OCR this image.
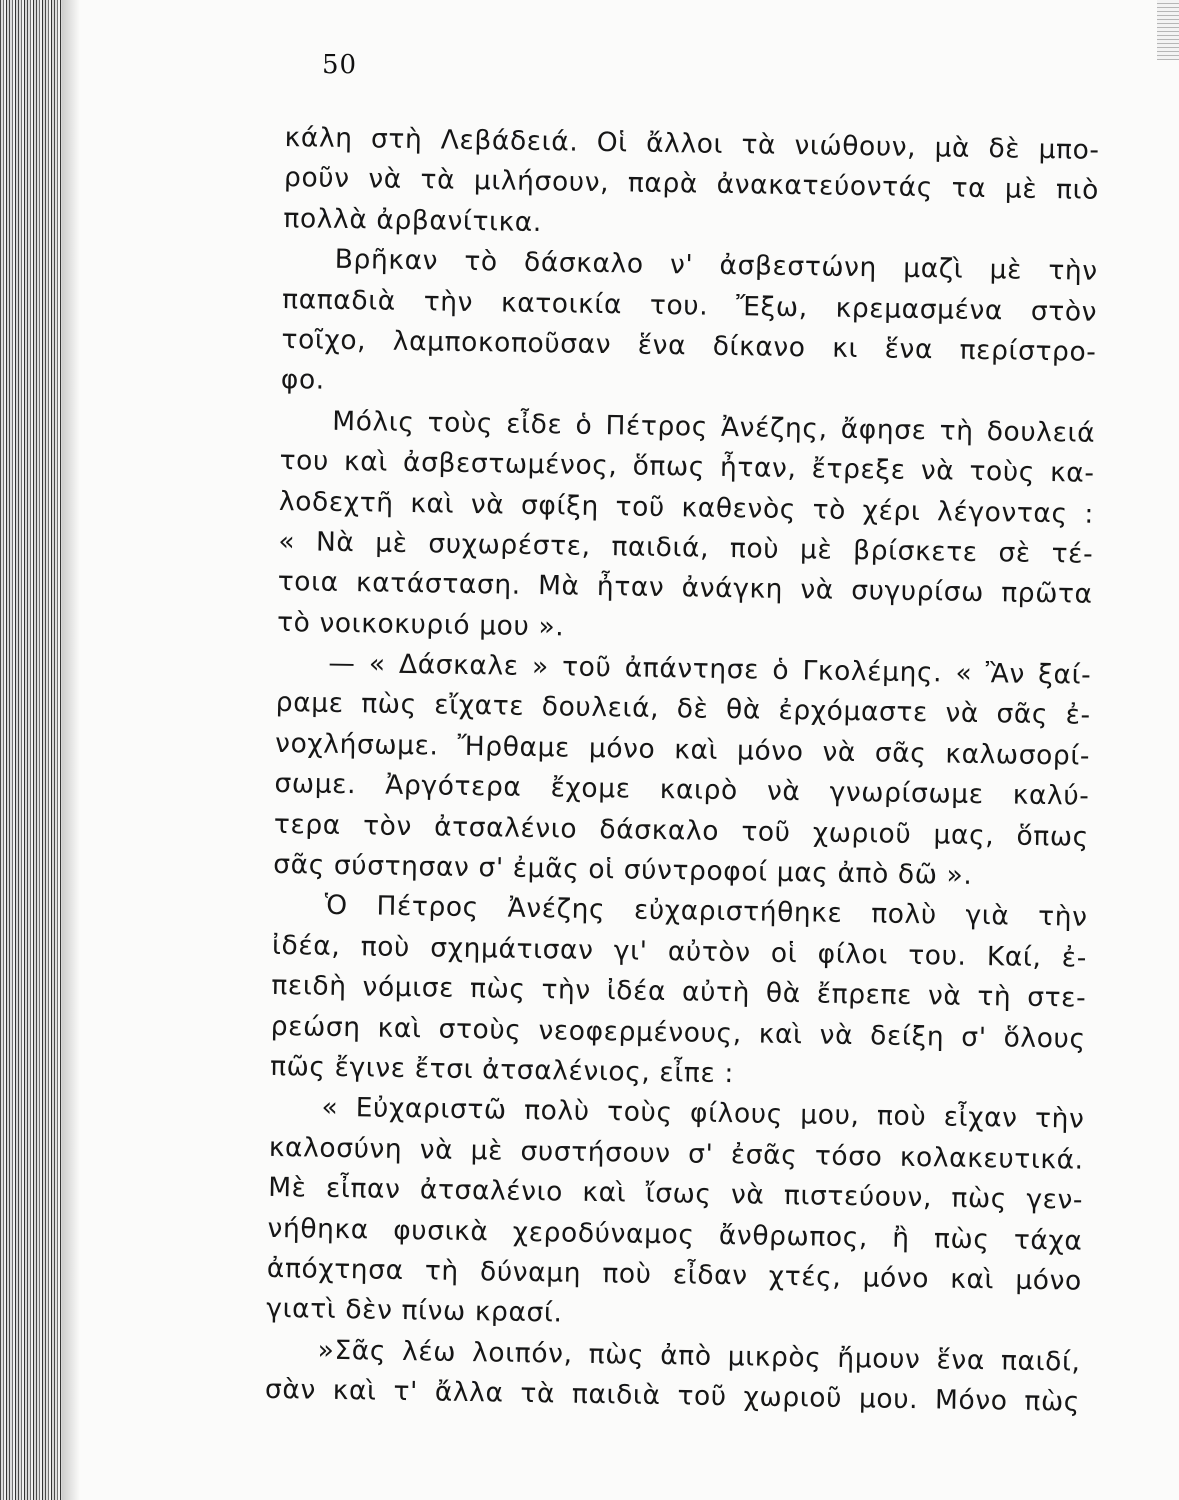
50
κάλη στὴ Λεβάδειά. Οἱ ἄλλοι τὰ νιώθουν, μὰ δὲ μπο-
ροῦν νὰ τὰ μιλήσουν, παρὰ ἀνακατεύοντάς τα μὲ πιὸ
πολλὰ ἀρβανίτικα.
Βρῆκαν τὸ δάσκαλο ν' ἀσβεστώνη μαζὶ μὲ τὴν
παπαδιὰ τὴν κατοικία του. Ἔξω, κρεμασμένα στὸν
τοῖχο, λαμποκοποῦσαν ἕνα δίκανο κι ἕνα περίστρο-
φο.
Μόλις τοὺς εἶδε ὁ Πέτρος Ἀνέζης, ἄφησε τὴ δουλειά
του καὶ ἀσβεστωμένος, ὅπως ἦταν, ἔτρεξε νὰ τοὺς κα-
λοδεχτῆ καὶ νὰ σφίξη τοῦ καθενὸς τὸ χέρι λέγοντας :
« Νὰ μὲ συχωρέστε, παιδιά, ποὺ μὲ βρίσκετε σὲ τέ-
τοια κατάσταση. Μὰ ἦταν ἀνάγκη νὰ συγυρίσω πρῶτα
τὸ νοικοκυριό μου ».
— « Δάσκαλε » τοῦ ἀπάντησε ὁ Γκολέμης. « Ἂν ξαί-
ραμε πὼς εἴχατε δουλειά, δὲ θὰ ἐρχόμαστε νὰ σᾶς ἐ-
νοχλήσωμε. Ἤρθαμε μόνο καὶ μόνο νὰ σᾶς καλωσορί-
σωμε. Ἀργότερα ἔχομε καιρὸ νὰ γνωρίσωμε καλύ-
τερα τὸν ἀτσαλένιο δάσκαλο τοῦ χωριοῦ μας, ὅπως
σᾶς σύστησαν σ' ἐμᾶς οἱ σύντροφοί μας ἀπὸ δῶ ».
Ὁ Πέτρος Ἀνέζης εὐχαριστήθηκε πολὺ γιὰ τὴν
ἰδέα, ποὺ σχημάτισαν γι' αὐτὸν οἱ φίλοι του. Καί, ἐ-
πειδὴ νόμισε πὼς τὴν ἰδέα αὐτὴ θὰ ἔπρεπε νὰ τὴ στε-
ρεώση καὶ στοὺς νεοφερμένους, καὶ νὰ δείξη σ' ὅλους
πῶς ἔγινε ἔτσι ἀτσαλένιος, εἶπε :
« Εὐχαριστῶ πολὺ τοὺς φίλους μου, ποὺ εἶχαν τὴν
καλοσύνη νὰ μὲ συστήσουν σ' ἐσᾶς τόσο κολακευτικά.
Μὲ εἶπαν ἀτσαλένιο καὶ ἴσως νὰ πιστεύουν, πὼς γεν-
νήθηκα φυσικὰ χεροδύναμος ἄνθρωπος, ἢ πὼς τάχα
ἀπόχτησα τὴ δύναμη ποὺ εἶδαν χτές, μόνο καὶ μόνο
γιατὶ δὲν πίνω κρασί.
»Σᾶς λέω λοιπόν, πὼς ἀπὸ μικρὸς ἤμουν ἕνα παιδί,
σὰν καὶ τ' ἄλλα τὰ παιδιὰ τοῦ χωριοῦ μου. Μόνο πὼς
